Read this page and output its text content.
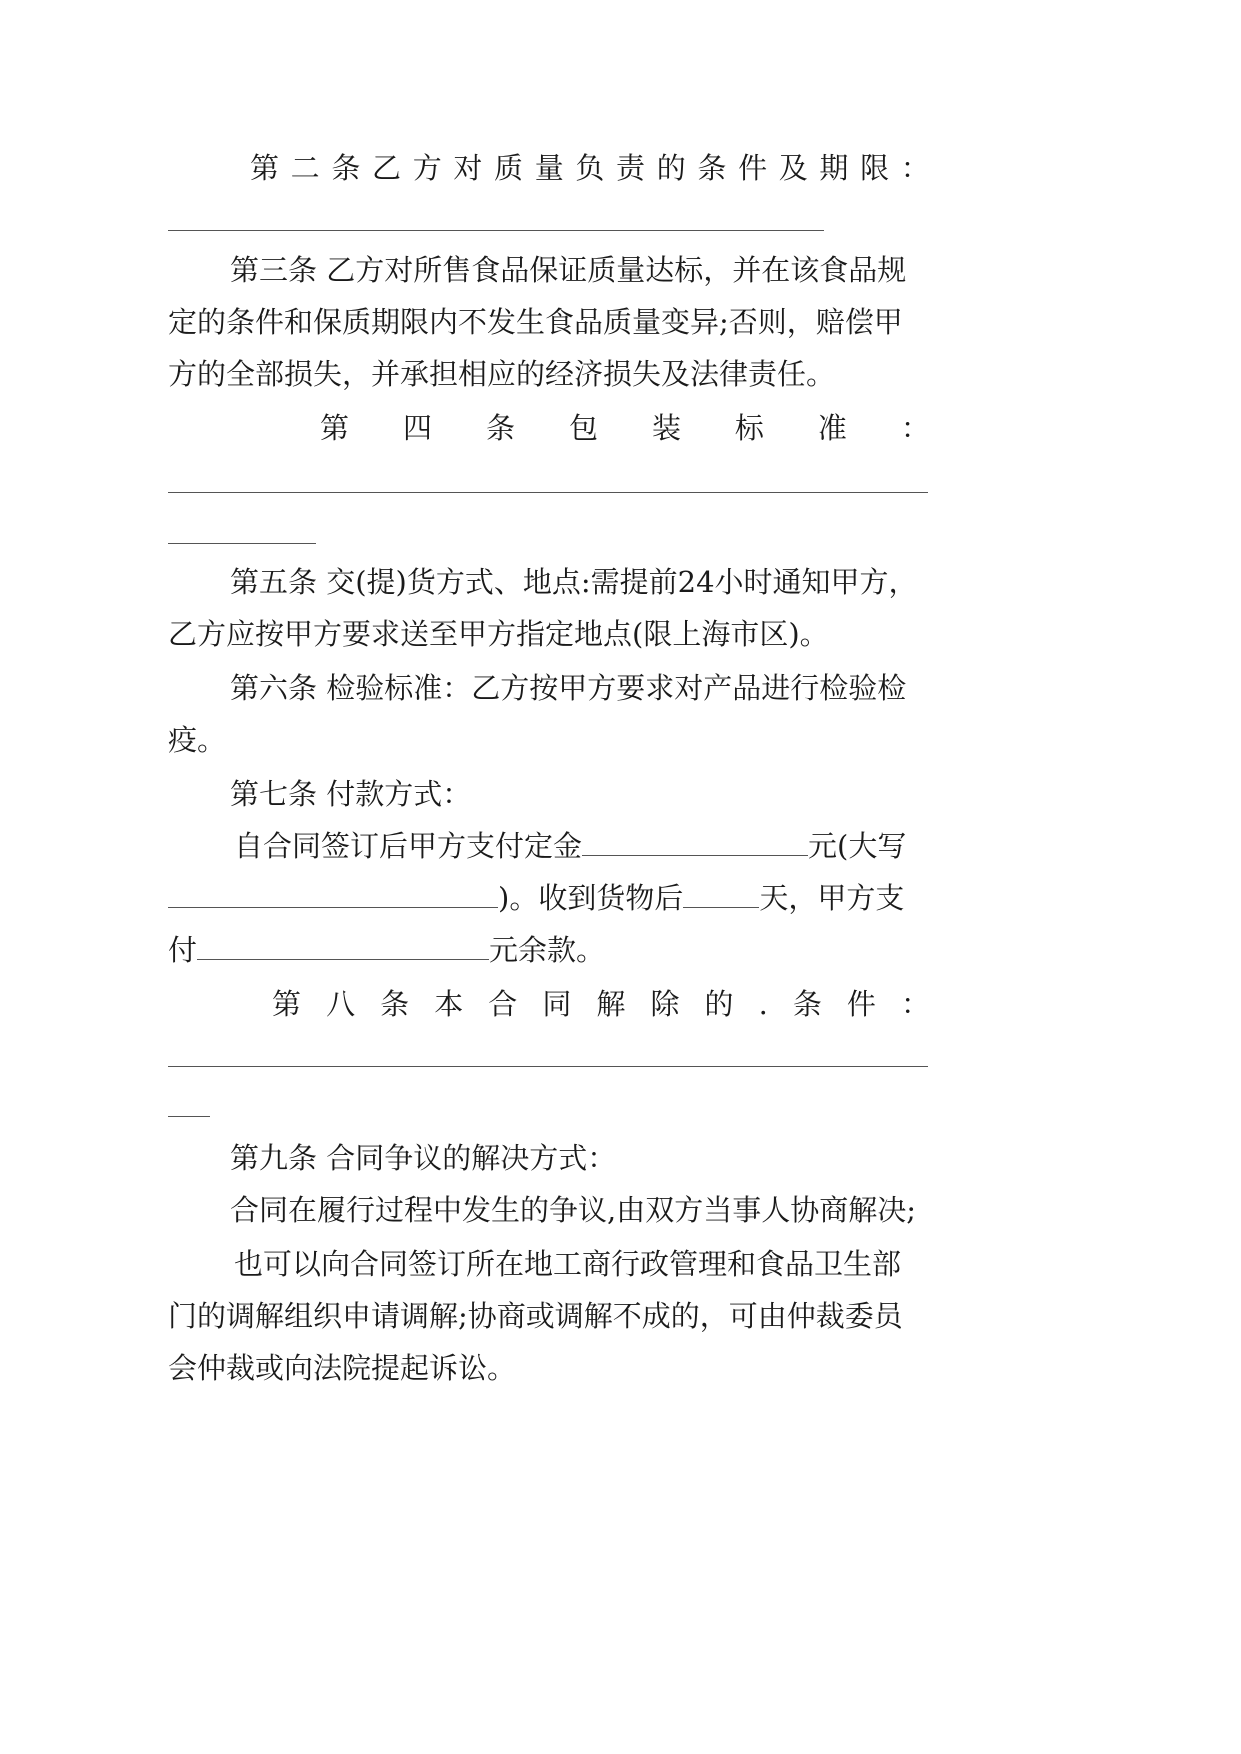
第 二 条 乙 方 对 质 量 负 责 的 条 件 及 期 限 ：
第三条 乙方对所售食品保证质量达标，并在该食品规
定的条件和保质期限内不发生食品质量变异;否则，赔偿甲
方的全部损失，并承担相应的经济损失及法律责任。
第 四 条 包 装 标 准 ：
第五条 交(提)货方式、地点:需提前24小时通知甲方，
乙方应按甲方要求送至甲方指定地点(限上海市区)。
第六条 检验标准：乙方按甲方要求对产品进行检验检
疫。
第七条 付款方式：
自合同签订后甲方支付定金	元(大写
)。收到货物后	天，甲方支
付	元余款。
第 八 条 本 合 同 解 除 的 . 条 件 ：
第九条 合同争议的解决方式：
合同在履行过程中发生的争议,由双方当事人协商解决;
也可以向合同签订所在地工商行政管理和食品卫生部
门的调解组织申请调解;协商或调解不成的，可由仲裁委员
会仲裁或向法院提起诉讼。
